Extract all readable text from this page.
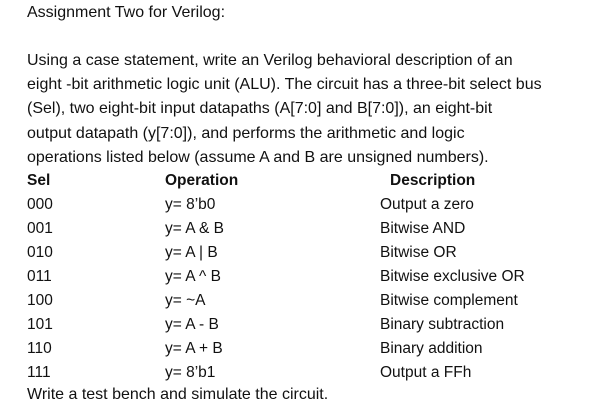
Assignment Two for Verilog:
Using a case statement, write an Verilog behavioral description of an
eight -bit arithmetic logic unit (ALU). The circuit has a three-bit select bus
(Sel), two eight-bit input datapaths (A[7:0] and B[7:0]), an eight-bit
output datapath (y[7:0]), and performs the arithmetic and logic
operations listed below (assume A and B are unsigned numbers).
Sel	Operation	Description
000	y= 8’b0	Output a zero
001	y= A & B	Bitwise AND
010	y= A | B	Bitwise OR
011	y= A ^ B	Bitwise exclusive OR
100	y= ~A	Bitwise complement
101	y= A - B	Binary subtraction
110	y= A + B	Binary addition
111	y= 8’b1	Output a FFh
Write a test bench and simulate the circuit.
